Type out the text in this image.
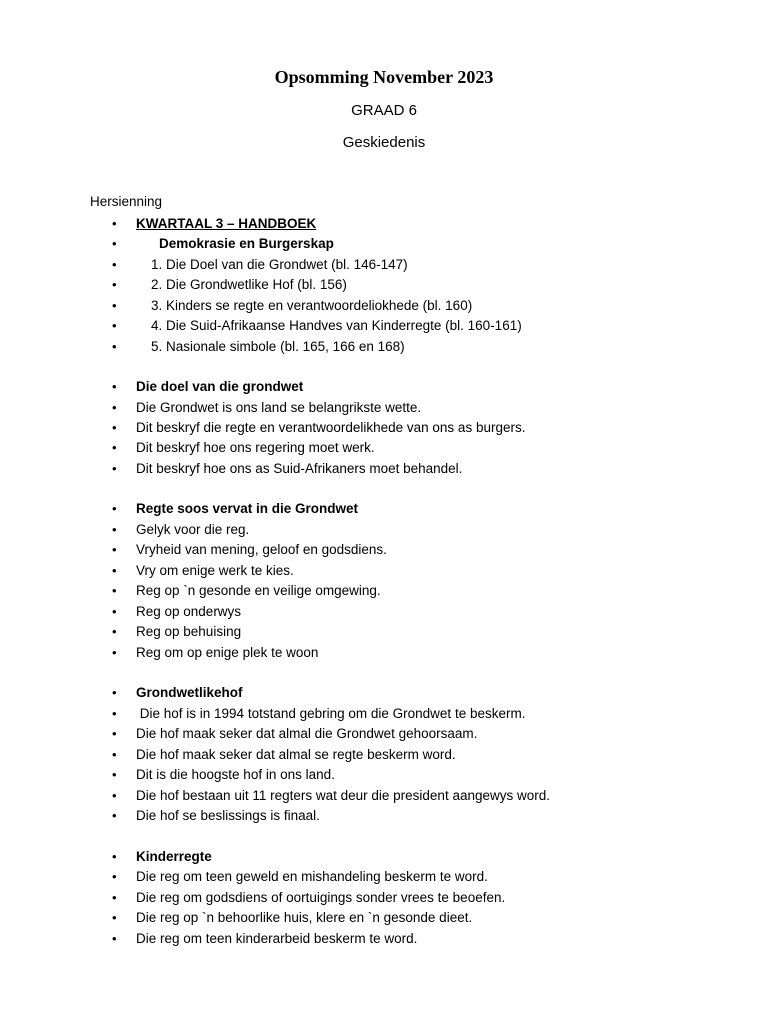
Opsomming November 2023
GRAAD 6
Geskiedenis
Hersienning
• KWARTAAL 3 – HANDBOEK
•	Demokrasie en Burgerskap
•	1. Die Doel van die Grondwet (bl. 146-147)
•	2. Die Grondwetlike Hof (bl. 156)
•	3. Kinders se regte en verantwoordeliokhede (bl. 160)
•	4. Die Suid-Afrikaanse Handves van Kinderregte (bl. 160-161)
•	5. Nasionale simbole (bl. 165, 166 en 168)
• Die doel van die grondwet
• Die Grondwet is ons land se belangrikste wette.
• Dit beskryf die regte en verantwoordelikhede van ons as burgers.
• Dit beskryf hoe ons regering moet werk.
• Dit beskryf hoe ons as Suid-Afrikaners moet behandel.
• Regte soos vervat in die Grondwet
• Gelyk voor die reg.
• Vryheid van mening, geloof en godsdiens.
• Vry om enige werk te kies.
• Reg op `n gesonde en veilige omgewing.
• Reg op onderwys
• Reg op behuising
• Reg om op enige plek te woon
• Grondwetlikehof
• Die hof is in 1994 totstand gebring om die Grondwet te beskerm.
• Die hof maak seker dat almal die Grondwet gehoorsaam.
• Die hof maak seker dat almal se regte beskerm word.
• Dit is die hoogste hof in ons land.
• Die hof bestaan uit 11 regters wat deur die president aangewys word.
• Die hof se beslissings is finaal.
• Kinderregte
• Die reg om teen geweld en mishandeling beskerm te word.
• Die reg om godsdiens of oortuigings sonder vrees te beoefen.
• Die reg op `n behoorlike huis, klere en `n gesonde dieet.
• Die reg om teen kinderarbeid beskerm te word.
